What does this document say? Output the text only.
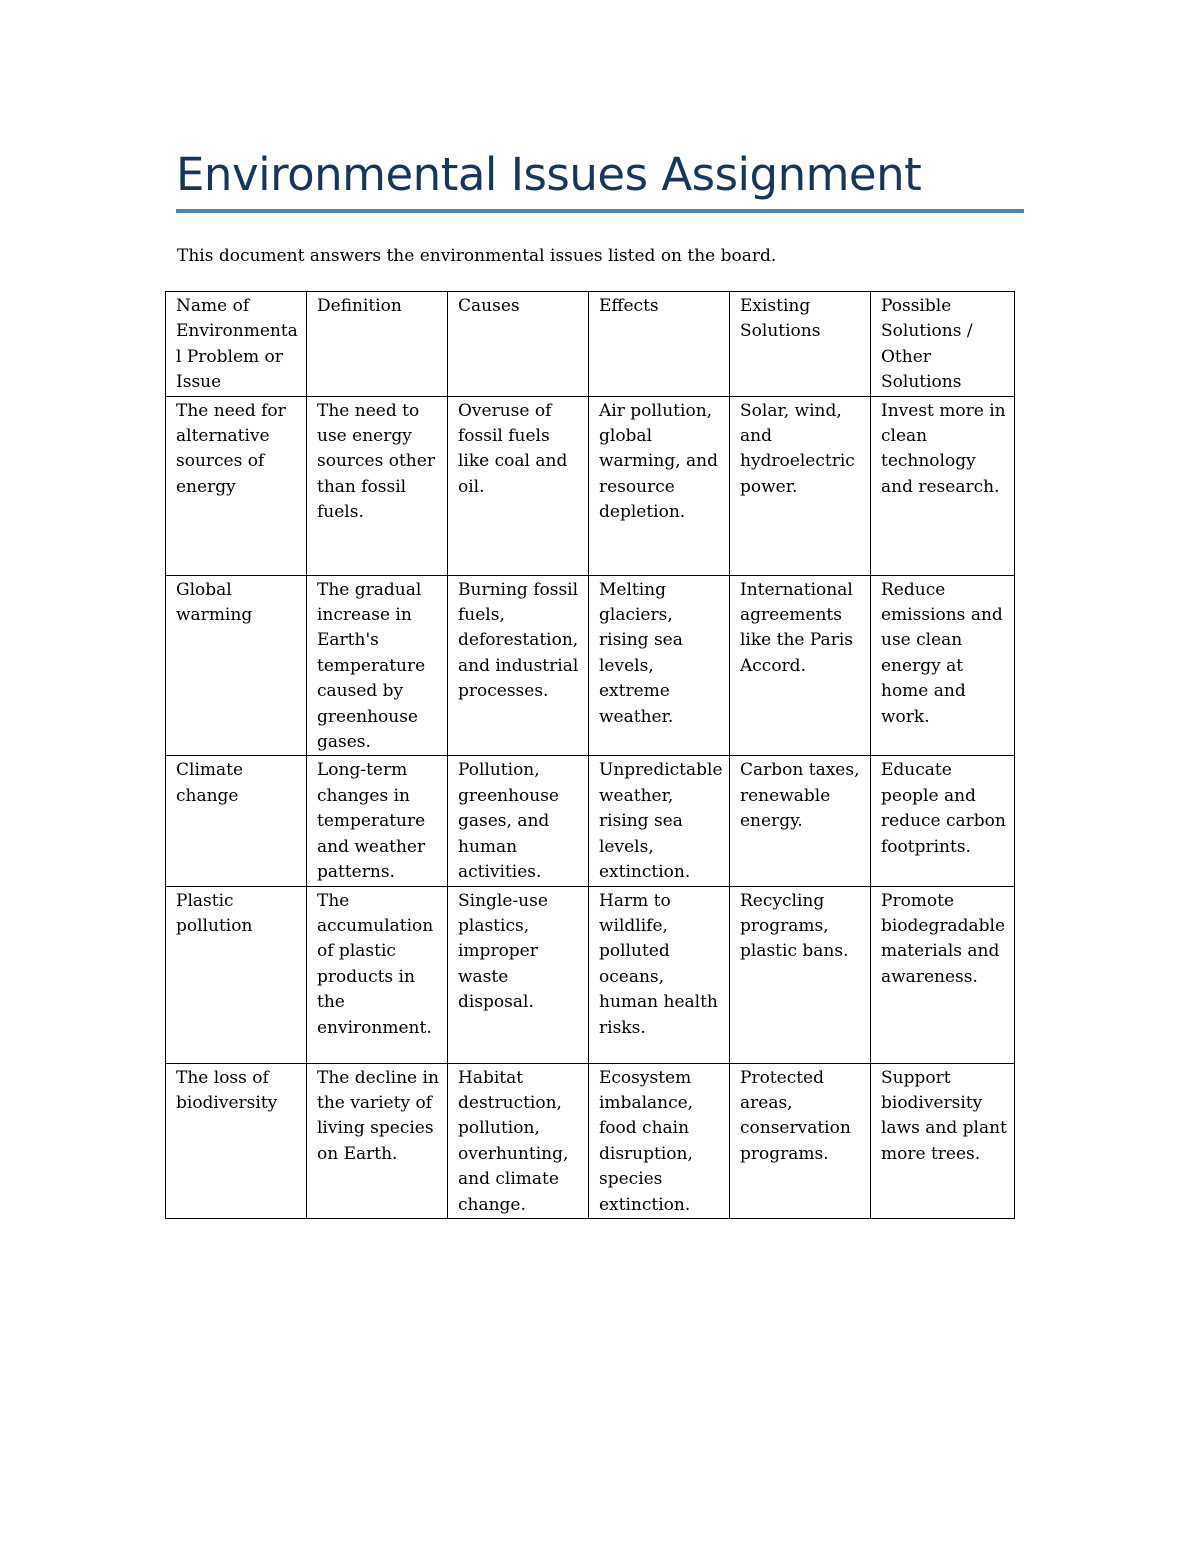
Environmental Issues Assignment

This document answers the environmental issues listed on the board.

Name of Environmental Problem or Issue	Definition	Causes	Effects	Existing Solutions	Possible Solutions / Other Solutions
The need for alternative sources of energy	The need to use energy sources other than fossil fuels.	Overuse of fossil fuels like coal and oil.	Air pollution, global warming, and resource depletion.	Solar, wind, and hydroelectric power.	Invest more in clean technology and research.
Global warming	The gradual increase in Earth's temperature caused by greenhouse gases.	Burning fossil fuels, deforestation, and industrial processes.	Melting glaciers, rising sea levels, extreme weather.	International agreements like the Paris Accord.	Reduce emissions and use clean energy at home and work.
Climate change	Long-term changes in temperature and weather patterns.	Pollution, greenhouse gases, and human activities.	Unpredictable weather, rising sea levels, extinction.	Carbon taxes, renewable energy.	Educate people and reduce carbon footprints.
Plastic pollution	The accumulation of plastic products in the environment.	Single-use plastics, improper waste disposal.	Harm to wildlife, polluted oceans, human health risks.	Recycling programs, plastic bans.	Promote biodegradable materials and awareness.
The loss of biodiversity	The decline in the variety of living species on Earth.	Habitat destruction, pollution, overhunting, and climate change.	Ecosystem imbalance, food chain disruption, species extinction.	Protected areas, conservation programs.	Support biodiversity laws and plant more trees.
